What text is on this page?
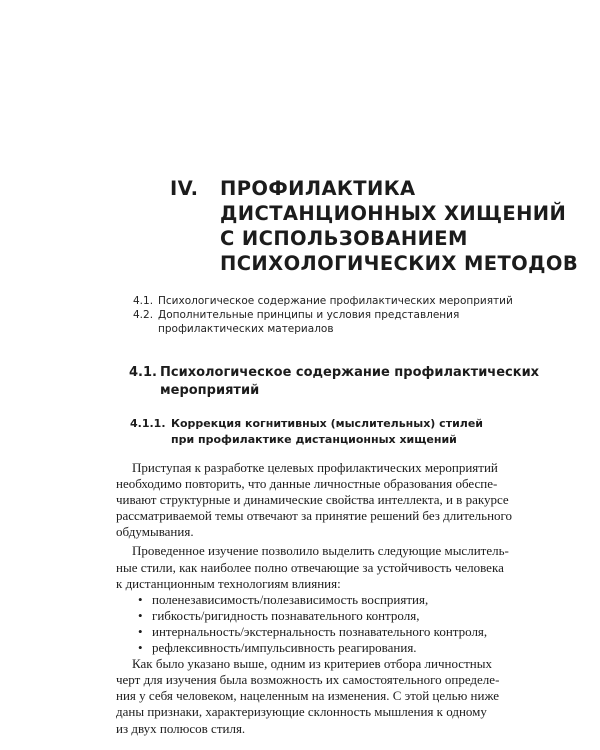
IV.	ПРОФИЛАКТИКА
ДИСТАНЦИОННЫХ ХИЩЕНИЙ
С ИСПОЛЬЗОВАНИЕМ
ПСИХОЛОГИЧЕСКИХ МЕТОДОВ
4.1. Психологическое содержание профилактических мероприятий
4.2. Дополнительные принципы и условия представления
профилактических материалов
4.1. Психологическое содержание профилактических
мероприятий
4.1.1. Коррекция когнитивных (мыслительных) стилей
при профилактике дистанционных хищений
Приступая к разработке целевых профилактических мероприятий
необходимо повторить, что данные личностные образования обеспе-
чивают структурные и динамические свойства интеллекта, и в ракурсе
рассматриваемой темы отвечают за принятие решений без длительного
обдумывания.
Проведенное изучение позволило выделить следующие мыслитель-
ные стили, как наиболее полно отвечающие за устойчивость человека
к дистанционным технологиям влияния:
• поленезависимость/полезависимость восприятия,
• гибкость/ригидность познавательного контроля,
• интернальность/экстернальность познавательного контроля,
• рефлексивность/импульсивность реагирования.
Как было указано выше, одним из критериев отбора личностных
черт для изучения была возможность их самостоятельного определе-
ния у себя человеком, нацеленным на изменения. С этой целью ниже
даны признаки, характеризующие склонность мышления к одному
из двух полюсов стиля.
